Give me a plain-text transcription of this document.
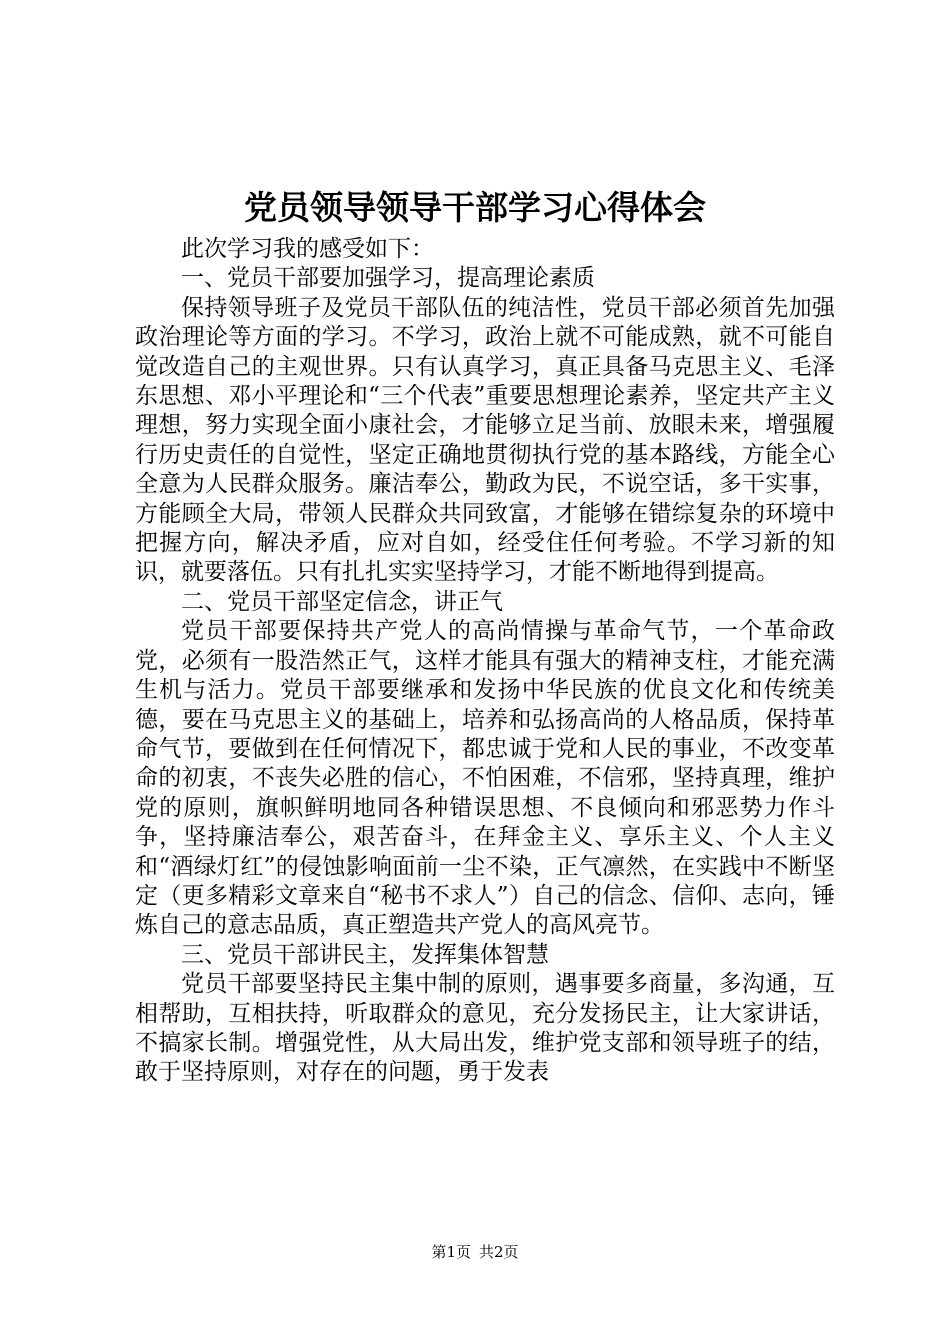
党员领导领导干部学习心得体会

此次学习我的感受如下：

一、党员干部要加强学习，提高理论素质

保持领导班子及党员干部队伍的纯洁性，党员干部必须首先加强政治理论等方面的学习。不学习，政治上就不可能成熟，就不可能自觉改造自己的主观世界。只有认真学习，真正具备马克思主义、毛泽东思想、邓小平理论和“三个代表”重要思想理论素养，坚定共产主义理想，努力实现全面小康社会，才能够立足当前、放眼未来，增强履行历史责任的自觉性，坚定正确地贯彻执行党的基本路线，方能全心全意为人民群众服务。廉洁奉公，勤政为民，不说空话，多干实事，方能顾全大局，带领人民群众共同致富，才能够在错综复杂的环境中把握方向，解决矛盾，应对自如，经受住任何考验。不学习新的知识，就要落伍。只有扎扎实实坚持学习，才能不断地得到提高。

二、党员干部坚定信念，讲正气

党员干部要保持共产党人的高尚情操与革命气节，一个革命政党，必须有一股浩然正气，这样才能具有强大的精神支柱，才能充满生机与活力。党员干部要继承和发扬中华民族的优良文化和传统美德，要在马克思主义的基础上，培养和弘扬高尚的人格品质，保持革命气节，要做到在任何情况下，都忠诚于党和人民的事业，不改变革命的初衷，不丧失必胜的信心，不怕困难，不信邪，坚持真理，维护党的原则，旗帜鲜明地同各种错误思想、不良倾向和邪恶势力作斗争，坚持廉洁奉公，艰苦奋斗，在拜金主义、享乐主义、个人主义和“酒绿灯红”的侵蚀影响面前一尘不染，正气凛然，在实践中不断坚定（更多精彩文章来自“秘书不求人”）自己的信念、信仰、志向，锤炼自己的意志品质，真正塑造共产党人的高风亮节。

三、党员干部讲民主，发挥集体智慧

党员干部要坚持民主集中制的原则，遇事要多商量，多沟通，互相帮助，互相扶持，听取群众的意见，充分发扬民主，让大家讲话，不搞家长制。增强党性，从大局出发，维护党支部和领导班子的结，敢于坚持原则，对存在的问题，勇于发表

第1页 共2页
